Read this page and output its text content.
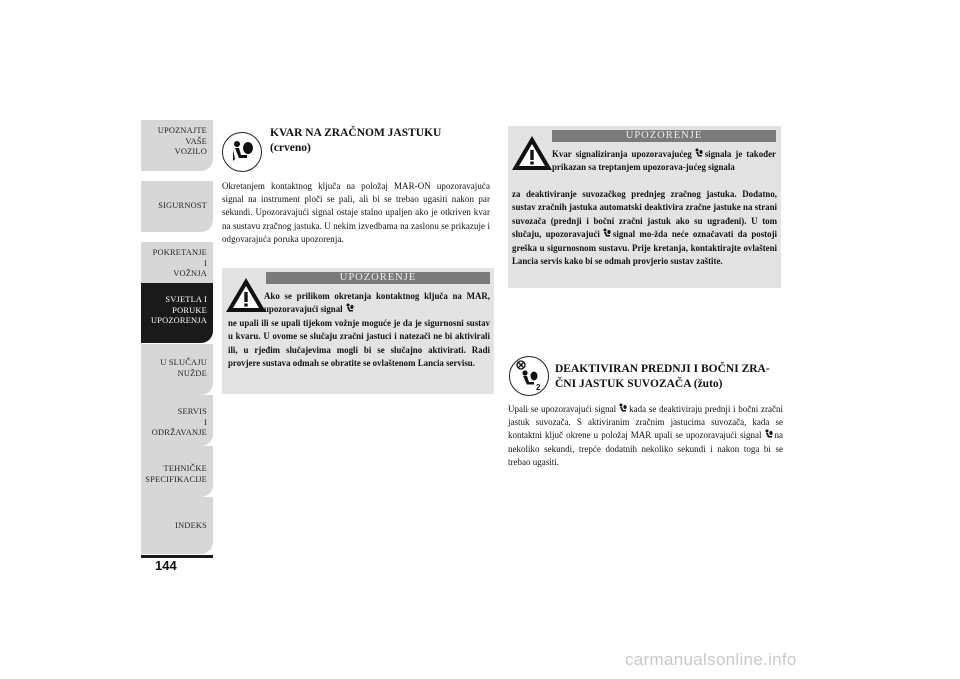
UPOZNAJTE
VAŠE
VOZILO
SIGURNOST
POKRETANJE
I
VOŽNJA
SVJETLA I
PORUKE
UPOZORENJA
U SLUČAJU
NUŽDE
SERVIS
I
ODRŽAVANJE
TEHNIČKE
SPECIFIKACIJE
INDEKS
144
KVAR NA ZRAČNOM JASTUKU
(crveno)
Okretanjem kontaktnog ključa na položaj MAR-ON upozoravajuća signal na instrument ploči se pali, ali bi se trebao ugasiti nakon par sekundi. Upozoravajući signal ostaje stalno upaljen ako je otkriven kvar na sustavu zračnog jastuka. U nekim izvedbama na zaslonu se prikazuje i odgovarajuća poruka upozorenja.
UPOZORENJE
Ako se prilikom okretanja kontaktnog ključa na MAR, upozoravajući signal
ne upali ili se upali tijekom vožnje moguće je da je sigurnosni sustav u kvaru. U ovome se slučaju zračni jastuci i natezači ne bi aktivirali ili, u rjeđim slučajevima mogli bi se slučajno aktivirati. Radi provjere sustava odmah se obratite se ovlaštenom Lancia servisu.
UPOZORENJE
Kvar signaliziranja upozoravajućeg signala je također prikazan sa treptanjem upozorava-jućeg signala
za deaktiviranje suvozačkog prednjeg zračnog jastuka. Dodatno, sustav zračnih jastuka automatski deaktivira zračne jastuke na strani suvozača (prednji i bočni zračni jastuk ako su ugrađeni). U tom slučaju, upozoravajući signal mo-žda neće označavati da postoji greška u sigurnosnom sustavu. Prije kretanja, kontaktirajte ovlašteni Lancia servis kako bi se odmah provjerio sustav zaštite.
2
DEAKTIVIRAN PREDNJI I BOČNI ZRA-
ČNI JASTUK SUVOZAČA (žuto)
Upali se upozoravajući signal kada se deaktiviraju prednji i bočni zračni jastuk suvozača. S aktiviranim zračnim jastucima suvozača, kada se kontaktni ključ okrene u položaj MAR upali se upozoravajući signal na nekoliko sekundi, trepće dodatnih nekoliko sekundi i nakon toga bi se trebao ugasiti.
carmanualsonline.info
